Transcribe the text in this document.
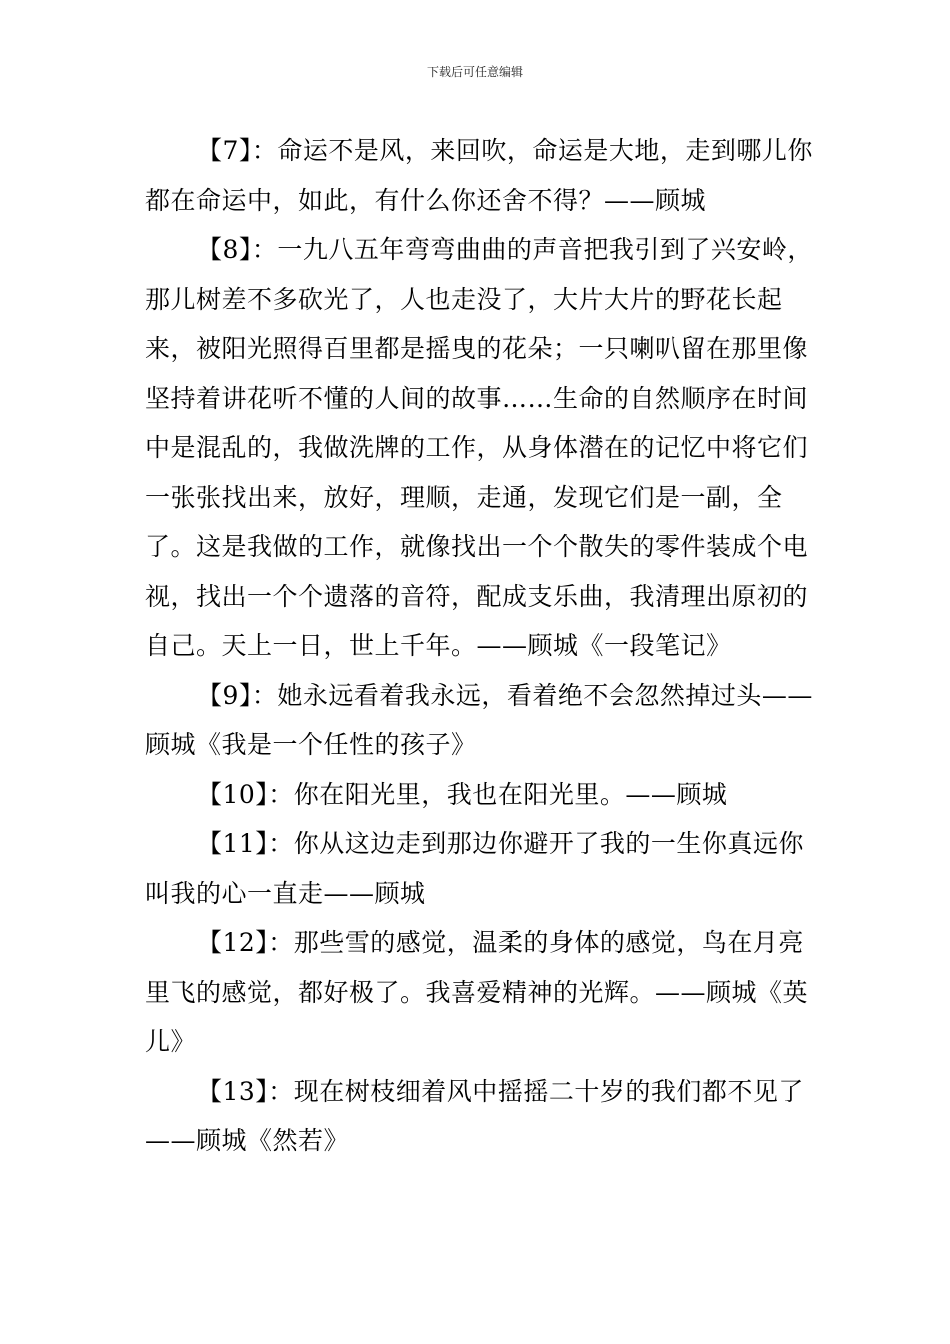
下载后可任意编辑

【7】：命运不是风，来回吹，命运是大地，走到哪儿你都在命运中，如此，有什么你还舍不得？——顾城

【8】：一九八五年弯弯曲曲的声音把我引到了兴安岭，那儿树差不多砍光了，人也走没了，大片大片的野花长起来，被阳光照得百里都是摇曳的花朵；一只喇叭留在那里像坚持着讲花听不懂的人间的故事……生命的自然顺序在时间中是混乱的，我做洗牌的工作，从身体潜在的记忆中将它们一张张找出来，放好，理顺，走通，发现它们是一副，全了。这是我做的工作，就像找出一个个散失的零件装成个电视，找出一个个遗落的音符，配成支乐曲，我清理出原初的自己。天上一日，世上千年。——顾城《一段笔记》

【9】：她永远看着我永远，看着绝不会忽然掉过头——顾城《我是一个任性的孩子》

【10】：你在阳光里，我也在阳光里。——顾城

【11】：你从这边走到那边你避开了我的一生你真远你叫我的心一直走——顾城

【12】：那些雪的感觉，温柔的身体的感觉，鸟在月亮里飞的感觉，都好极了。我喜爱精神的光辉。——顾城《英儿》

【13】：现在树枝细着风中摇摇二十岁的我们都不见了——顾城《然若》
